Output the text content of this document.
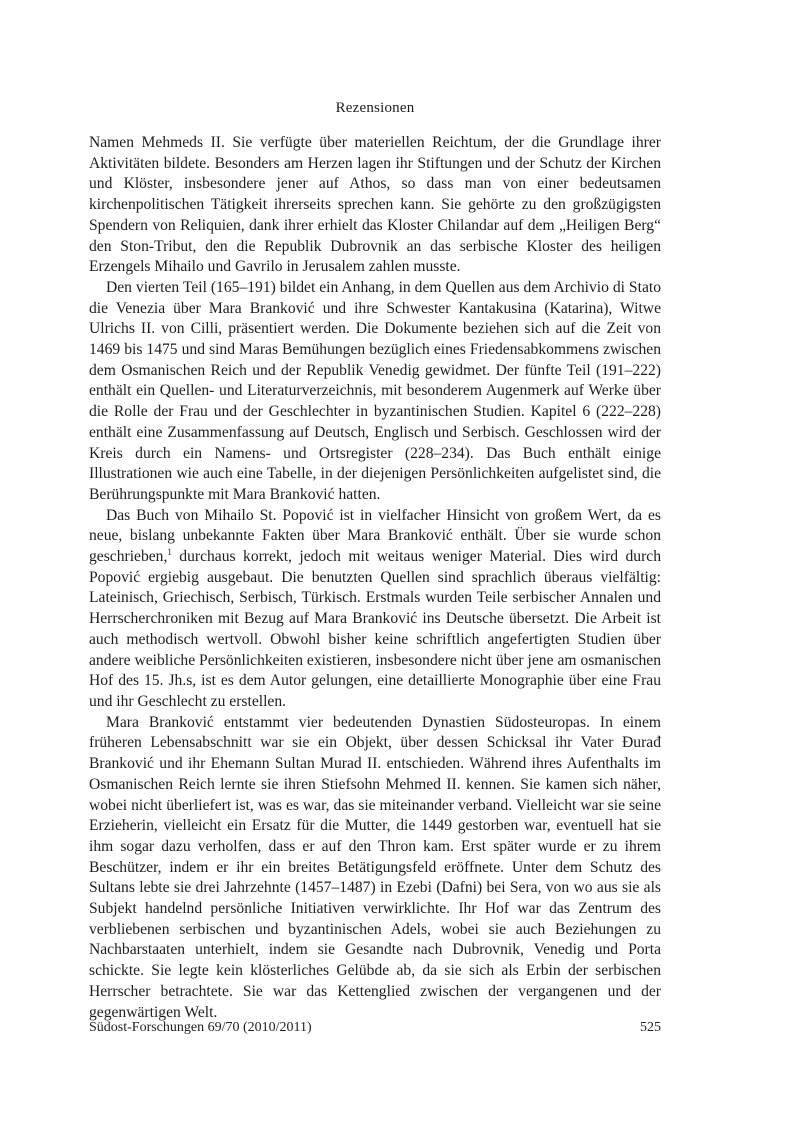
Rezensionen

Namen Mehmeds II. Sie verfügte über materiellen Reichtum, der die Grundlage ihrer Aktivitäten bildete. Besonders am Herzen lagen ihr Stiftungen und der Schutz der Kirchen und Klöster, insbesondere jener auf Athos, so dass man von einer bedeutsamen kirchenpolitischen Tätigkeit ihrerseits sprechen kann. Sie gehörte zu den großzügigsten Spendern von Reliquien, dank ihrer erhielt das Kloster Chilandar auf dem „Heiligen Berg“ den Ston-Tribut, den die Republik Dubrovnik an das serbische Kloster des heiligen Erzengels Mihailo und Gavrilo in Jerusalem zahlen musste.

Den vierten Teil (165–191) bildet ein Anhang, in dem Quellen aus dem Archivio di Stato die Venezia über Mara Branković und ihre Schwester Kantakusina (Katarina), Witwe Ulrichs II. von Cilli, präsentiert werden. Die Dokumente beziehen sich auf die Zeit von 1469 bis 1475 und sind Maras Bemühungen bezüglich eines Friedensabkommens zwischen dem Osmanischen Reich und der Republik Venedig gewidmet. Der fünfte Teil (191–222) enthält ein Quellen- und Literaturverzeichnis, mit besonderem Augenmerk auf Werke über die Rolle der Frau und der Geschlechter in byzantinischen Studien. Kapitel 6 (222–228) enthält eine Zusammenfassung auf Deutsch, Englisch und Serbisch. Geschlossen wird der Kreis durch ein Namens- und Ortsregister (228–234). Das Buch enthält einige Illustrationen wie auch eine Tabelle, in der diejenigen Persönlichkeiten aufgelistet sind, die Berührungspunkte mit Mara Branković hatten.

Das Buch von Mihailo St. Popović ist in vielfacher Hinsicht von großem Wert, da es neue, bislang unbekannte Fakten über Mara Branković enthält. Über sie wurde schon geschrieben,$^1$ durchaus korrekt, jedoch mit weitaus weniger Material. Dies wird durch Popović ergiebig ausgebaut. Die benutzten Quellen sind sprachlich überaus vielfältig: Lateinisch, Griechisch, Serbisch, Türkisch. Erstmals wurden Teile serbischer Annalen und Herrscherchroniken mit Bezug auf Mara Branković ins Deutsche übersetzt. Die Arbeit ist auch methodisch wertvoll. Obwohl bisher keine schriftlich angefertigten Studien über andere weibliche Persönlichkeiten existieren, insbesondere nicht über jene am osmanischen Hof des 15. Jh.s, ist es dem Autor gelungen, eine detaillierte Monographie über eine Frau und ihr Geschlecht zu erstellen.

Mara Branković entstammt vier bedeutenden Dynastien Südosteuropas. In einem früheren Lebensabschnitt war sie ein Objekt, über dessen Schicksal ihr Vater Đurađ Branković und ihr Ehemann Sultan Murad II. entschieden. Während ihres Aufenthalts im Osmanischen Reich lernte sie ihren Stiefsohn Mehmed II. kennen. Sie kamen sich näher, wobei nicht überliefert ist, was es war, das sie miteinander verband. Vielleicht war sie seine Erzieherin, vielleicht ein Ersatz für die Mutter, die 1449 gestorben war, eventuell hat sie ihm sogar dazu verholfen, dass er auf den Thron kam. Erst später wurde er zu ihrem Beschützer, indem er ihr ein breites Betätigungsfeld eröffnete. Unter dem Schutz des Sultans lebte sie drei Jahrzehnte (1457–1487) in Ezebi (Dafni) bei Sera, von wo aus sie als Subjekt handelnd persönliche Initiativen verwirklichte. Ihr Hof war das Zentrum des verbliebenen serbischen und byzantinischen Adels, wobei sie auch Beziehungen zu Nachbarstaaten unterhielt, indem sie Gesandte nach Dubrovnik, Venedig und Porta schickte. Sie legte kein klösterliches Gelübde ab, da sie sich als Erbin der serbischen Herrscher betrachtete. Sie war das Kettenglied zwischen der vergangenen und der gegenwärtigen Welt.

Südost-Forschungen 69/70 (2010/2011)	525
